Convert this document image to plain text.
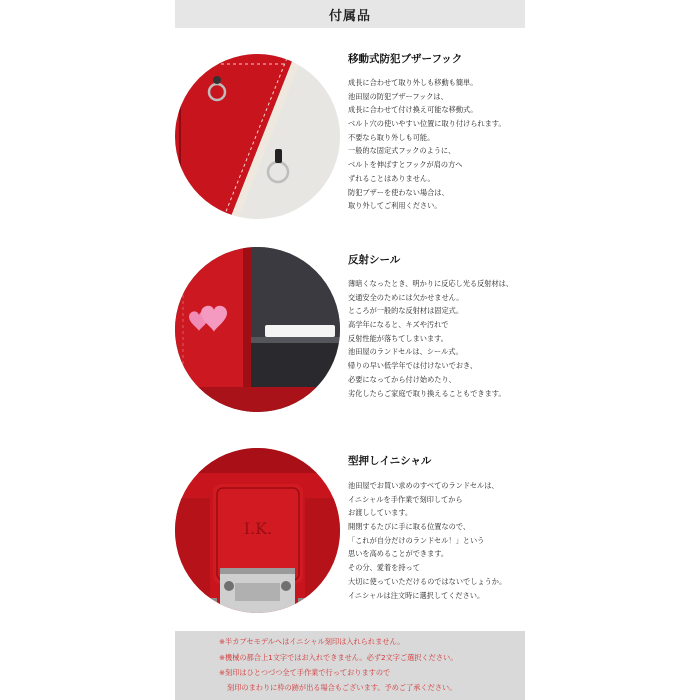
付属品
移動式防犯ブザーフック
成長に合わせて取り外しも移動も簡単。
池田屋の防犯ブザーフックは、
成長に合わせて付け換え可能な移動式。
ベルト穴の使いやすい位置に取り付けられます。
不要なら取り外しも可能。
一般的な固定式フックのように、
ベルトを伸ばすとフックが肩の方へ
ずれることはありません。
防犯ブザーを使わない場合は、
取り外してご利用ください。
反射シール
薄暗くなったとき、明かりに反応し光る反射材は、
交通安全のためには欠かせません。
ところが一般的な反射材は固定式。
高学年になると、キズや汚れで
反射性能が落ちてしまいます。
池田屋のランドセルは、シール式。
帰りの早い低学年では付けないでおき、
必要になってから付け始めたり、
劣化したらご家庭で取り換えることもできます。
I.K.
型押しイニシャル
池田屋でお買い求めのすべてのランドセルは、
イニシャルを手作業で刻印してから
お渡ししています。
開閉するたびに手に取る位置なので、
「これが自分だけのランドセル！」という
思いを高めることができます。
その分、愛着を持って
大切に使っていただけるのではないでしょうか。
イニシャルは注文時に選択してください。
※半カブセモデルへはイニシャル刻印は入れられません。
※機械の都合上1文字ではお入れできません。必ず2文字ご選択ください。
※刻印はひとつづつ全て手作業で行っておりますので
刻印のまわりに枠の跡が出る場合もございます。予めご了承ください。
